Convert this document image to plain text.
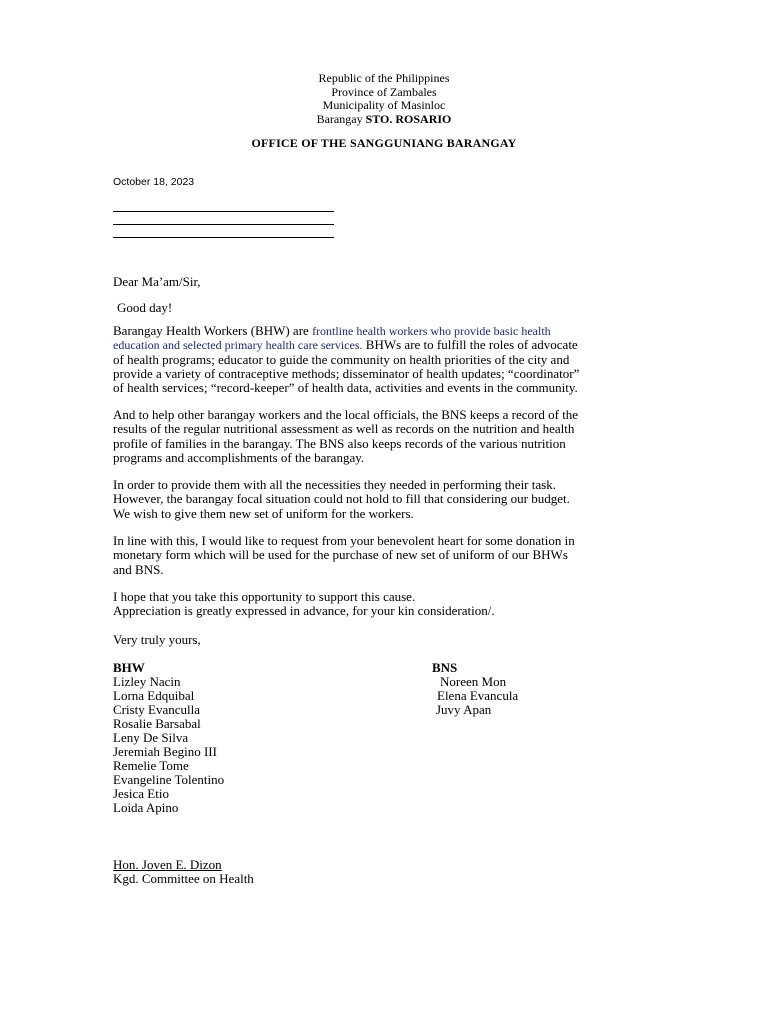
Republic of the Philippines
Province of Zambales
Municipality of Masinloc
Barangay STO. ROSARIO
OFFICE OF THE SANGGUNIANG BARANGAY
October 18, 2023
Dear Ma’am/Sir,
Good day!
Barangay Health Workers (BHW) are frontline health workers who provide basic health
education and selected primary health care services. BHWs are to fulfill the roles of advocate
of health programs; educator to guide the community on health priorities of the city and
provide a variety of contraceptive methods; disseminator of health updates; “coordinator”
of health services; “record-keeper” of health data, activities and events in the community.
And to help other barangay workers and the local officials, the BNS keeps a record of the
results of the regular nutritional assessment as well as records on the nutrition and health
profile of families in the barangay. The BNS also keeps records of the various nutrition
programs and accomplishments of the barangay.
In order to provide them with all the necessities they needed in performing their task.
However, the barangay focal situation could not hold to fill that considering our budget.
We wish to give them new set of uniform for the workers.
In line with this, I would like to request from your benevolent heart for some donation in
monetary form which will be used for the purchase of new set of uniform of our BHWs
and BNS.
I hope that you take this opportunity to support this cause.
Appreciation is greatly expressed in advance, for your kin consideration/.
Very truly yours,
BHW
Lizley Nacin
Lorna Edquibal
Cristy Evanculla
Rosalie Barsabal
Leny De Silva
Jeremiah Begino III
Remelie Tome
Evangeline Tolentino
Jesica Etio
Loida Apino
BNS
Noreen Mon
Elena Evancula
Juvy Apan
Hon. Joven E. Dizon
Kgd. Committee on Health
